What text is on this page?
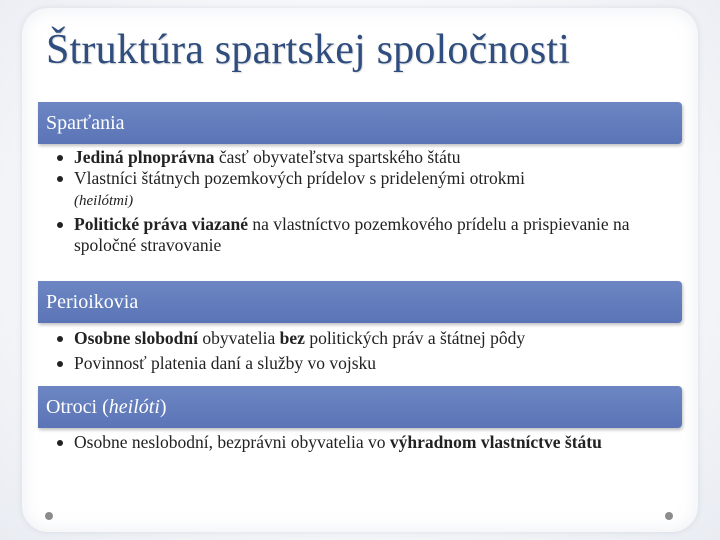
Štruktúra spartskej spoločnosti
Sparťania
Jediná plnoprávna časť obyvateľstva spartského štátu
Vlastníci štátnych pozemkových prídelov s pridelenými otrokmi
(heilótmi)
Politické práva viazané na vlastníctvo pozemkového prídelu a prispievanie na spoločné stravovanie
Perioikovia
Osobne slobodní obyvatelia bez politických práv a štátnej pôdy
Povinnosť platenia daní a služby vo vojsku
Otroci (heilóti)
Osobne neslobodní, bezprávni obyvatelia vo výhradnom vlastníctve štátu
